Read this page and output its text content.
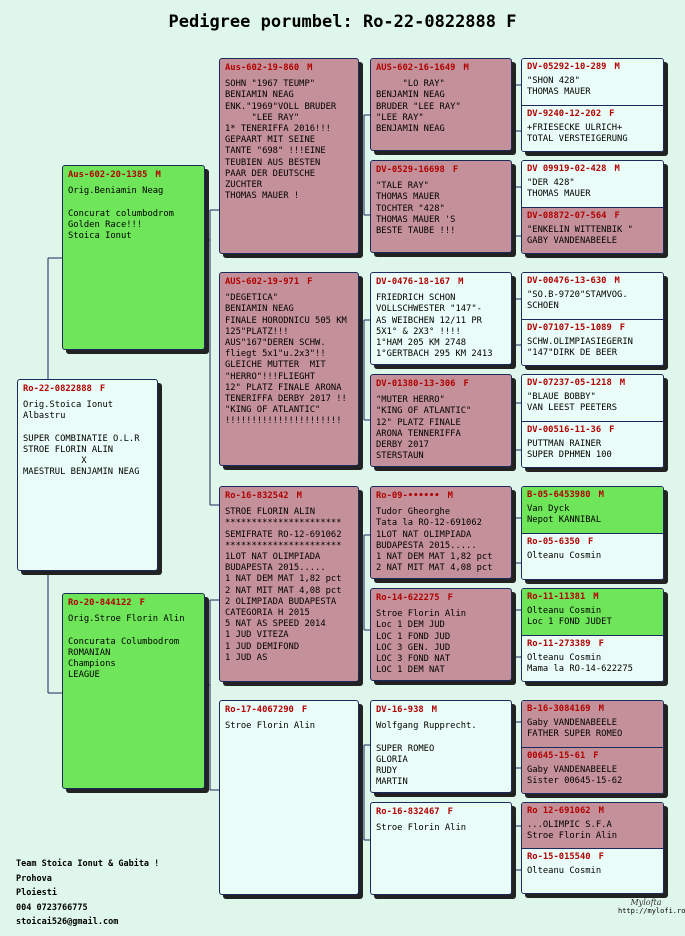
Pedigree porumbel: Ro-22-0822888 F
Ro-22-0822888 F
Orig.Stoica Ionut
Albastru

SUPER COMBINATIE O.L.R
STROE FLORIN ALIN
X
MAESTRUL BENJAMIN NEAG
Aus-602-20-1385 M
Orig.Beniamin Neag

Concurat columbodrom
Golden Race!!!
Stoica Ionut
Ro-20-844122 F
Orig.Stroe Florin Alin

Concurata Columbodrom
ROMANIAN
Champions
LEAGUE
Aus-602-19-860 M
SOHN "1967 TEUMP"
BENIAMIN NEAG
ENK."1969"VOLL BRUDER
"LEE RAY"
1* TENERIFFA 2016!!!
GEPAART MIT SEINE
TANTE "698" !!!EINE
TEUBIEN AUS BESTEN
PAAR DER DEUTSCHE
ZUCHTER
THOMAS MAUER !
AUS-602-19-971 F
"DEGETICA"
BENIAMIN NEAG
FINALE HORODNICU 505 KM
125"PLATZ!!!
AUS"167"DEREN SCHW.
fliegt 5x1"u.2x3"!!
GLEICHE MUTTER  MIT
"HERRO"!!!FLIEGHT
12" PLATZ FINALE ARONA
TENERIFFA DERBY 2017 !!
"KING OF ATLANTIC"
!!!!!!!!!!!!!!!!!!!!!!
Ro-16-832542 M
STROE FLORIN ALIN
**********************
SEMIFRATE RO-12-691062
**********************
1LOT NAT OLIMPIADA
BUDAPESTA 2015.....
1 NAT DEM MAT 1,82 pct
2 NAT MIT MAT 4,08 pct
2 OLIMPIADA BUDAPESTA
CATEGORIA H 2015
5 NAT AS SPEED 2014
1 JUD VITEZA
1 JUD DEMIFOND
1 JUD AS
Ro-17-4067290 F
Stroe Florin Alin
AUS-602-16-1649 M
"LO RAY"
BENJAMIN NEAG
BRUDER "LEE RAY"
"LEE RAY"
BENJAMIN NEAG
DV-0529-16698 F
"TALE RAY"
THOMAS MAUER
TOCHTER "428"
THOMAS MAUER 'S
BESTE TAUBE !!!
DV-0476-18-167 M
FRIEDRICH SCHON
VOLLSCHWESTER "147"-
AS WEIBCHEN 12/11 PR
5X1° & 2X3° !!!!
1°HAM 205 KM 2748
1°GERTBACH 295 KM 2413
DV-01380-13-306 F
"MUTER HERRO"
"KING OF ATLANTIC"
12" PLATZ FINALE
ARONA TENNERIFFA
DERBY 2017
STERSTAUN
Ro-09-•••••• M
Tudor Gheorghe
Tata la RO-12-691062
1LOT NAT OLIMPIADA
BUDAPESTA 2015.....
1 NAT DEM MAT 1,82 pct
2 NAT MIT MAT 4,08 pct
Ro-14-622275 F
Stroe Florin Alin
Loc 1 DEM JUD
LOC 1 FOND JUD
LOC 3 GEN. JUD
LOC 3 FOND NAT
LOC 1 DEM NAT
DV-16-938 M
Wolfgang Rupprecht.

SUPER ROMEO
GLORIA
RUDY
MARTIN
Ro-16-832467 F
Stroe Florin Alin
DV-05292-10-289 M
"SHON 428"
THOMAS MAUER
DV-9240-12-202 F
+FRIESECKE ULRICH+
TOTAL VERSTEIGERUNG
DV 09919-02-428 M
"DER 428"
THOMAS MAUER
DV-08872-07-564 F
"ENKELIN WITTENBIK "
GABY VANDENABEELE
DV-00476-13-630 M
"SO.B-9720"STAMVOG.
SCHOEN
DV-07107-15-1089 F
SCHW.OLIMPIASIEGERIN
"147"DIRK DE BEER
DV-07237-05-1218 M
"BLAUE BOBBY"
VAN LEEST PEETERS
DV-00516-11-36 F
PUTTMAN RAINER
SUPER DPHMEN 100
B-05-6453980 M
Van Dyck
Nepot KANNIBAL
Ro-05-6350 F
Olteanu Cosmin
Ro-11-11381 M
Olteanu Cosmin
Loc 1 FOND JUDET
Ro-11-273389 F
Olteanu Cosmin
Mama la RO-14-622275
B-16-3084169 M
Gaby VANDENABEELE
FATHER SUPER ROMEO
00645-15-61 F
Gaby VANDENABEELE
Sister 00645-15-62
Ro 12-691062 M
...OLIMPIC S.F.A
Stroe Florin Alin
Ro-15-015540 F
Olteanu Cosmin
Team Stoica Ionut & Gabita !
Prohova
Ploiesti
004 0723766775
stoicai526@gmail.com
Mylofta
http://mylofi.ro
